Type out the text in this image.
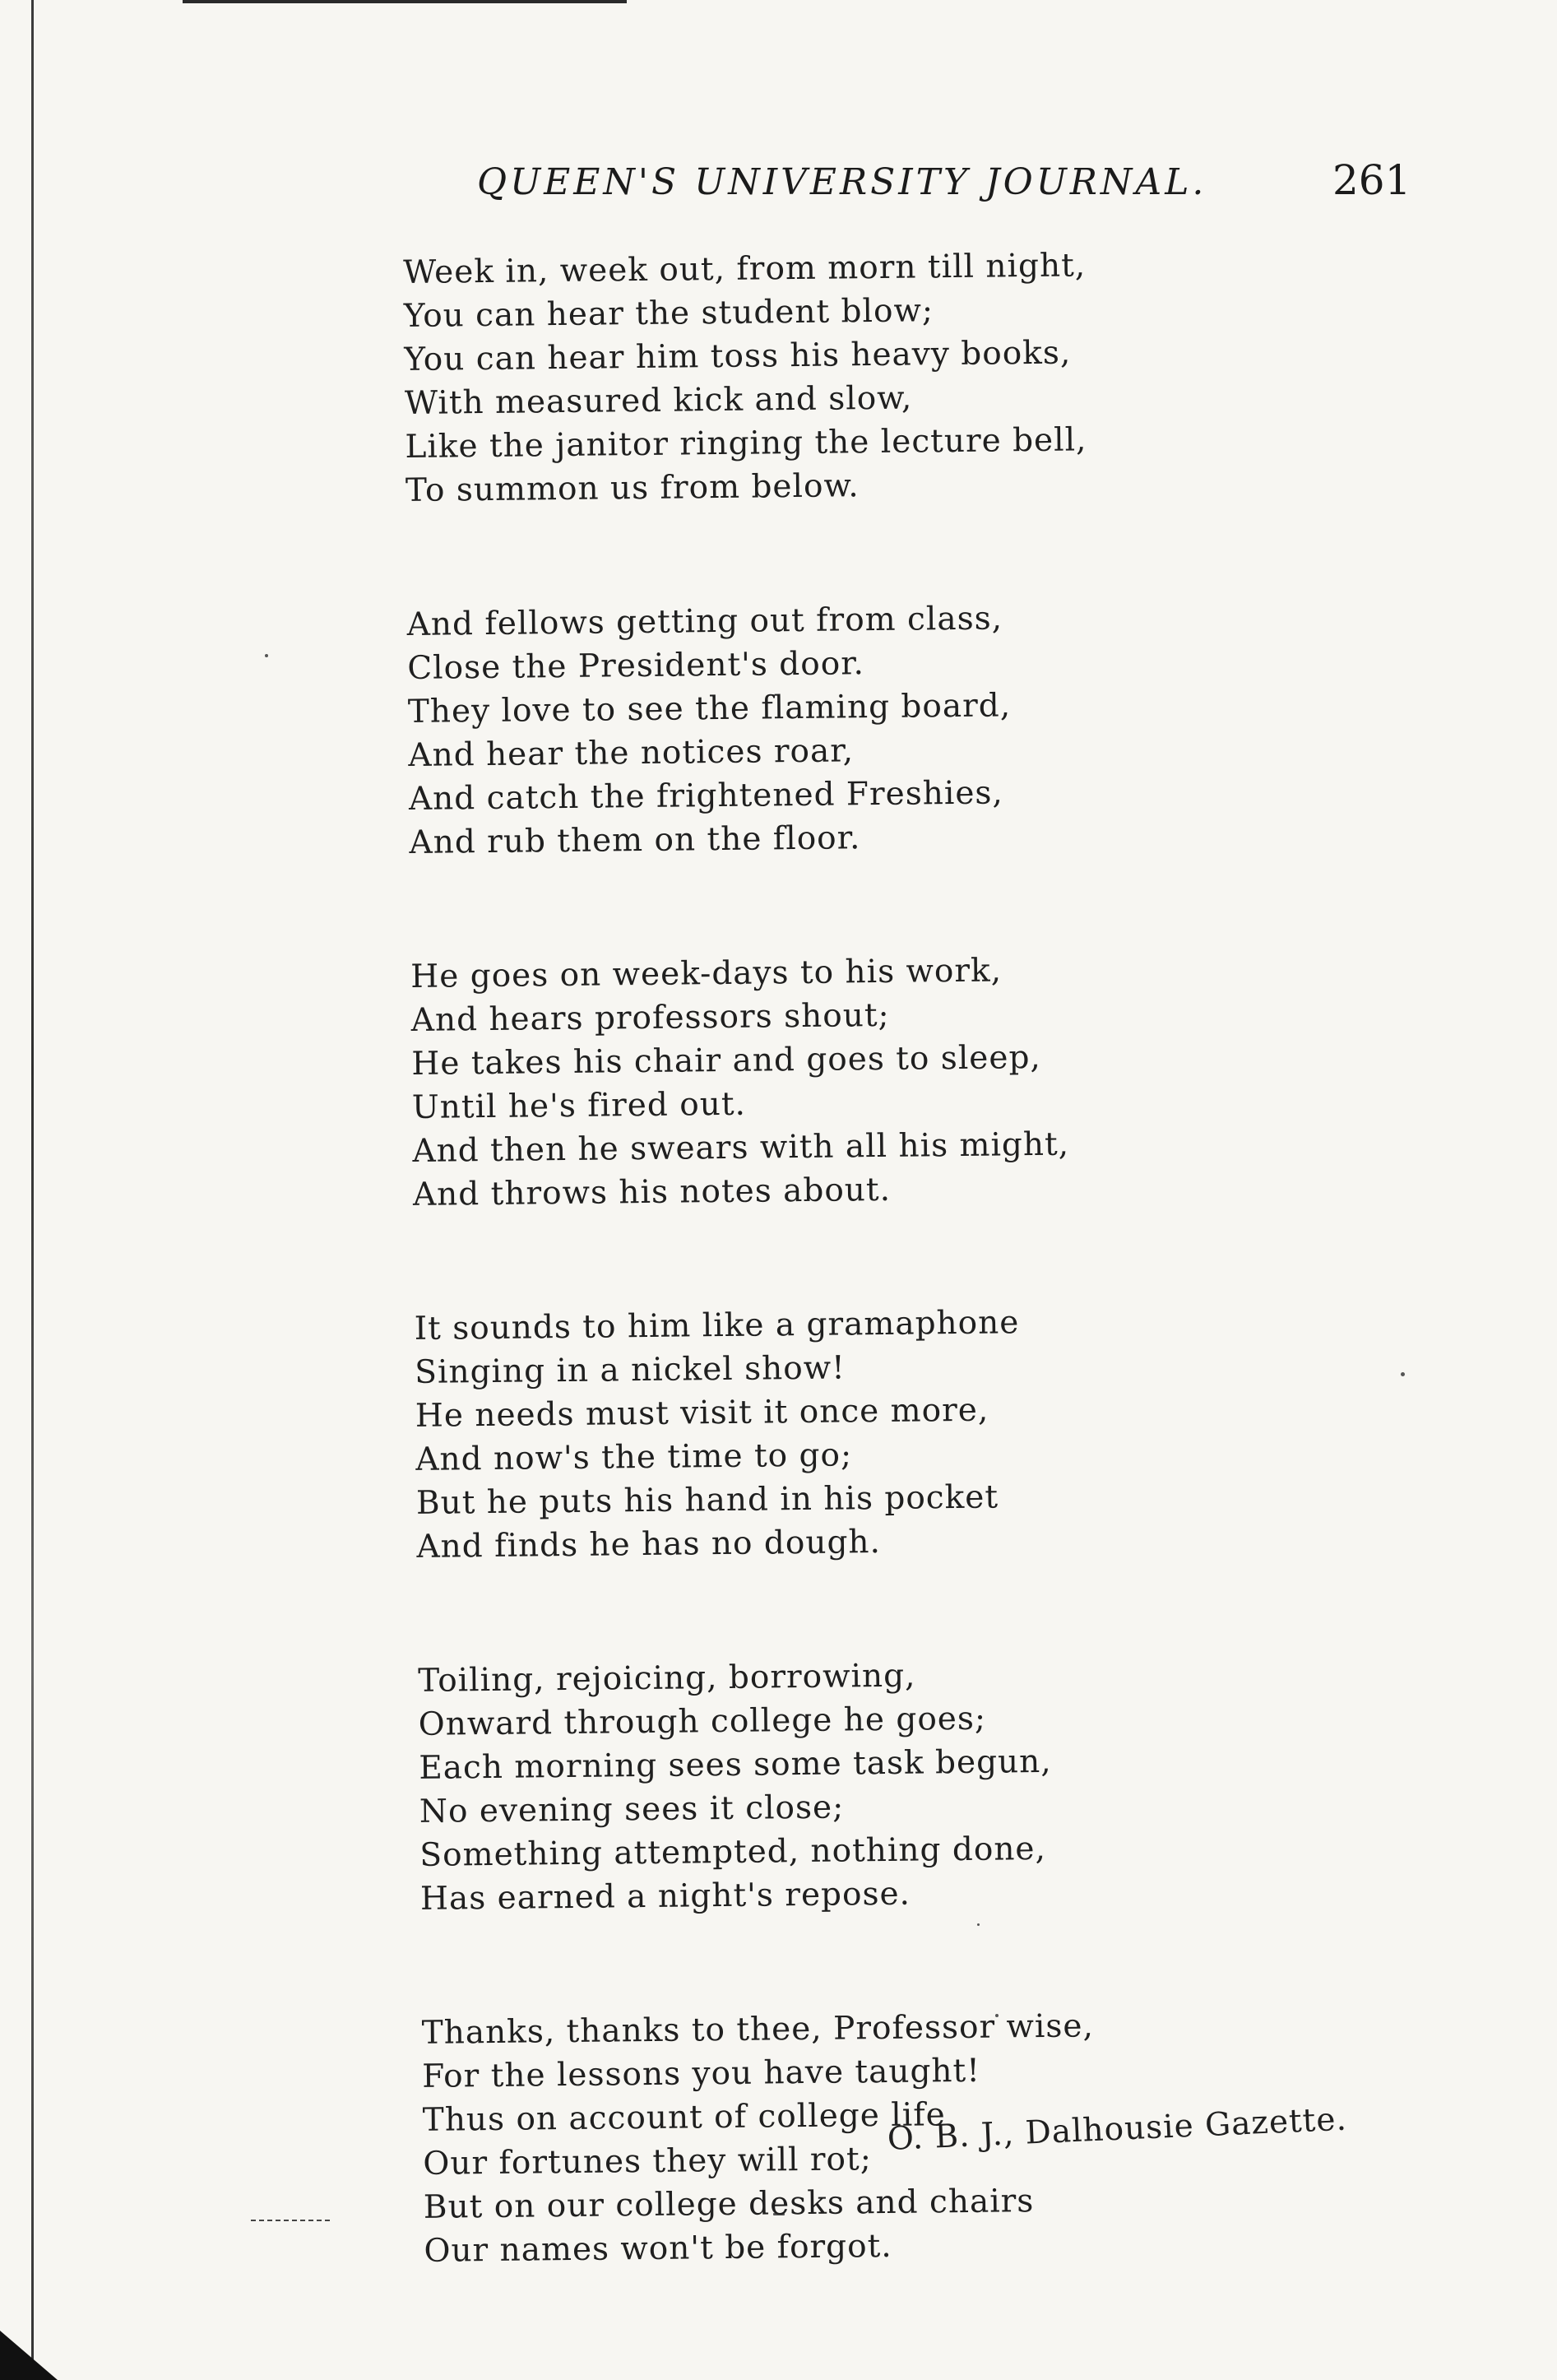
QUEEN'S UNIVERSITY JOURNAL.	261
Week in, week out, from morn till night,
You can hear the student blow;
You can hear him toss his heavy books,
With measured kick and slow,
Like the janitor ringing the lecture bell,
To summon us from below.
And fellows getting out from class,
Close the President's door.
They love to see the flaming board,
And hear the notices roar,
And catch the frightened Freshies,
And rub them on the floor.
He goes on week-days to his work,
And hears professors shout;
He takes his chair and goes to sleep,
Until he's fired out.
And then he swears with all his might,
And throws his notes about.
It sounds to him like a gramaphone
Singing in a nickel show!
He needs must visit it once more,
And now's the time to go;
But he puts his hand in his pocket
And finds he has no dough.
Toiling, rejoicing, borrowing,
Onward through college he goes;
Each morning sees some task begun,
No evening sees it close;
Something attempted, nothing done,
Has earned a night's repose.
Thanks, thanks to thee, Professor wise,
For the lessons you have taught!
Thus on account of college life
Our fortunes they will rot;
But on our college desks and chairs
Our names won't be forgot.
O. B. J., Dalhousie Gazette.
